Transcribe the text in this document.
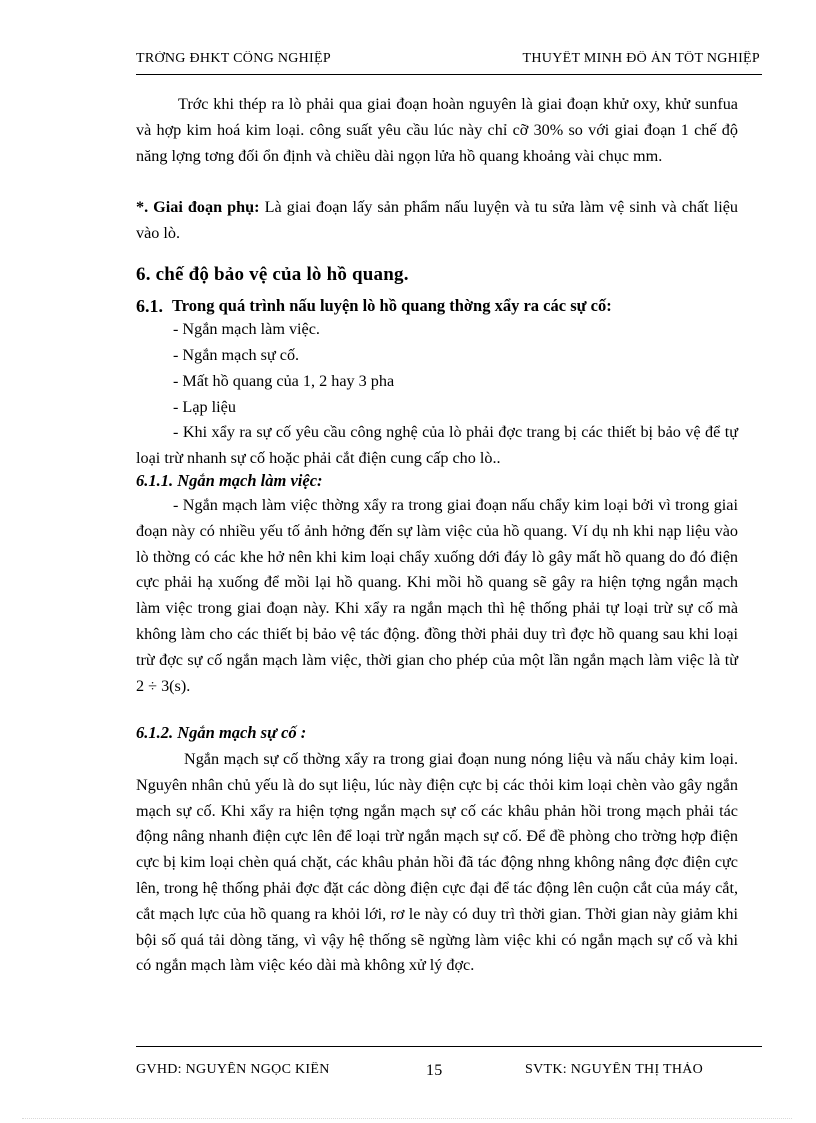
TRỜNG ĐHKT CÔNG NGHIỆP	THUYẾT MINH ĐỒ ÁN TỐT NGHIỆP
Trớc khi thép ra lò phải qua giai đoạn hoàn nguyên là giai đoạn khử oxy, khử sunfua và hợp kim hoá kim loại. công suất yêu cầu lúc này chỉ cỡ 30% so với giai đoạn 1 chế độ năng lợng tơng đối ổn định và chiều dài ngọn lửa hồ quang khoảng vài chục mm.
*. Giai đoạn phụ: Là giai đoạn lấy sản phẩm nấu luyện và tu sửa làm vệ sinh và chất liệu vào lò.
6. chế độ bảo vệ của lò hồ quang.
6.1. Trong quá trình nấu luyện lò hồ quang thờng xẩy ra các sự cố:
- Ngắn mạch làm việc.
- Ngắn mạch sự cố.
- Mất hồ quang của 1, 2 hay 3 pha
- Lạp liệu
- Khi xẩy ra sự cố yêu cầu công nghệ của lò phải đợc trang bị các thiết bị bảo vệ để tự loại trừ nhanh sự cố hoặc phải cắt điện cung cấp cho lò..
6.1.1. Ngắn mạch làm việc:
- Ngắn mạch làm việc thờng xẩy ra trong giai đoạn nấu chẩy kim loại bởi vì trong giai đoạn này có nhiều yếu tố ảnh hởng đến sự làm việc của hồ quang. Ví dụ nh khi nạp liệu vào lò thờng có các khe hở nên khi kim loại chẩy xuống dới đáy lò gây mất hồ quang do đó điện cực phải hạ xuống để mồi lại hồ quang. Khi mồi hồ quang sẽ gây ra hiện tợng ngắn mạch làm việc trong giai đoạn này. Khi xẩy ra ngắn mạch thì hệ thống phải tự loại trừ sự cố mà không làm cho các thiết bị bảo vệ tác động. đồng thời phải duy trì đợc hồ quang sau khi loại trừ đợc sự cố ngắn mạch làm việc, thời gian cho phép của một lần ngắn mạch làm việc là từ 2 ÷ 3(s).
6.1.2. Ngắn mạch sự cố :
Ngắn mạch sự cố thờng xẩy ra trong giai đoạn nung nóng liệu và nấu chảy kim loại. Nguyên nhân chủ yếu là do sụt liệu, lúc này điện cực bị các thỏi kim loại chèn vào gây ngắn mạch sự cố. Khi xẩy ra hiện tợng ngắn mạch sự cố các khâu phản hồi trong mạch phải tác động nâng nhanh điện cực lên để loại trừ ngắn mạch sự cố. Để đề phòng cho trờng hợp điện cực bị kim loại chèn quá chặt, các khâu phản hồi đã tác động nhng không nâng đợc điện cực lên, trong hệ thống phải đợc đặt các dòng điện cực đại để tác động lên cuộn cắt của máy cắt, cắt mạch lực của hồ quang ra khỏi lới, rơ le này có duy trì thời gian. Thời gian này giảm khi bội số quá tải dòng tăng, vì vậy hệ thống sẽ ngừng làm việc khi có ngắn mạch sự cố và khi có ngắn mạch làm việc kéo dài mà không xử lý đợc.
GVHD: NGUYỄN NGỌC KIÊN	15	SVTK: NGUYỄN THỊ THẢO
